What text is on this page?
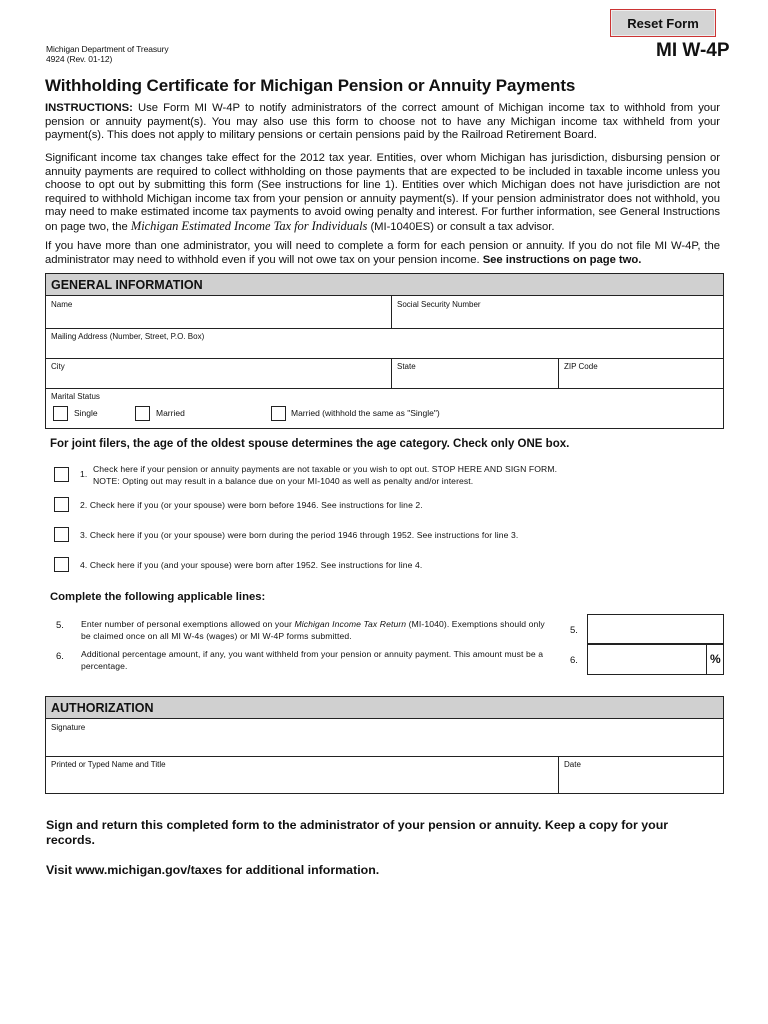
Reset Form
Michigan Department of Treasury
4924 (Rev. 01-12)	MI W-4P
Withholding Certificate for Michigan Pension or Annuity Payments
INSTRUCTIONS: Use Form MI W-4P to notify administrators of the correct amount of Michigan income tax to withhold from your pension or annuity payment(s). You may also use this form to choose not to have any Michigan income tax withheld from your payment(s). This does not apply to military pensions or certain pensions paid by the Railroad Retirement Board.
Significant income tax changes take effect for the 2012 tax year. Entities, over whom Michigan has jurisdiction, disbursing pension or annuity payments are required to collect withholding on those payments that are expected to be included in taxable income unless you choose to opt out by submitting this form (See instructions for line 1). Entities over which Michigan does not have jurisdiction are not required to withhold Michigan income tax from your pension or annuity payment(s). If your pension administrator does not withhold, you may need to make estimated income tax payments to avoid owing penalty and interest. For further information, see General Instructions on page two, the Michigan Estimated Income Tax for Individuals (MI-1040ES) or consult a tax advisor.
If you have more than one administrator, you will need to complete a form for each pension or annuity. If you do not file MI W-4P, the administrator may need to withhold even if you will not owe tax on your pension income. See instructions on page two.
GENERAL INFORMATION
Name	Social Security Number
Mailing Address (Number, Street, P.O. Box)
City	State	ZIP Code
Marital Status
Single	Married	Married (withhold the same as "Single")
For joint filers, the age of the oldest spouse determines the age category. Check only ONE box.
1. Check here if your pension or annuity payments are not taxable or you wish to opt out. STOP HERE AND SIGN FORM.
NOTE: Opting out may result in a balance due on your MI-1040 as well as penalty and/or interest.
2. Check here if you (or your spouse) were born before 1946. See instructions for line 2.
3. Check here if you (or your spouse) were born during the period 1946 through 1952. See instructions for line 3.
4. Check here if you (and your spouse) were born after 1952. See instructions for line 4.
Complete the following applicable lines:
5. Enter number of personal exemptions allowed on your Michigan Income Tax Return (MI-1040). Exemptions should only be claimed once on all MI W-4s (wages) or MI W-4P forms submitted.	5.
6. Additional percentage amount, if any, you want withheld from your pension or annuity payment. This amount must be a percentage.	6.	%
AUTHORIZATION
Signature
Printed or Typed Name and Title	Date
Sign and return this completed form to the administrator of your pension or annuity. Keep a copy for your records.
Visit www.michigan.gov/taxes for additional information.
